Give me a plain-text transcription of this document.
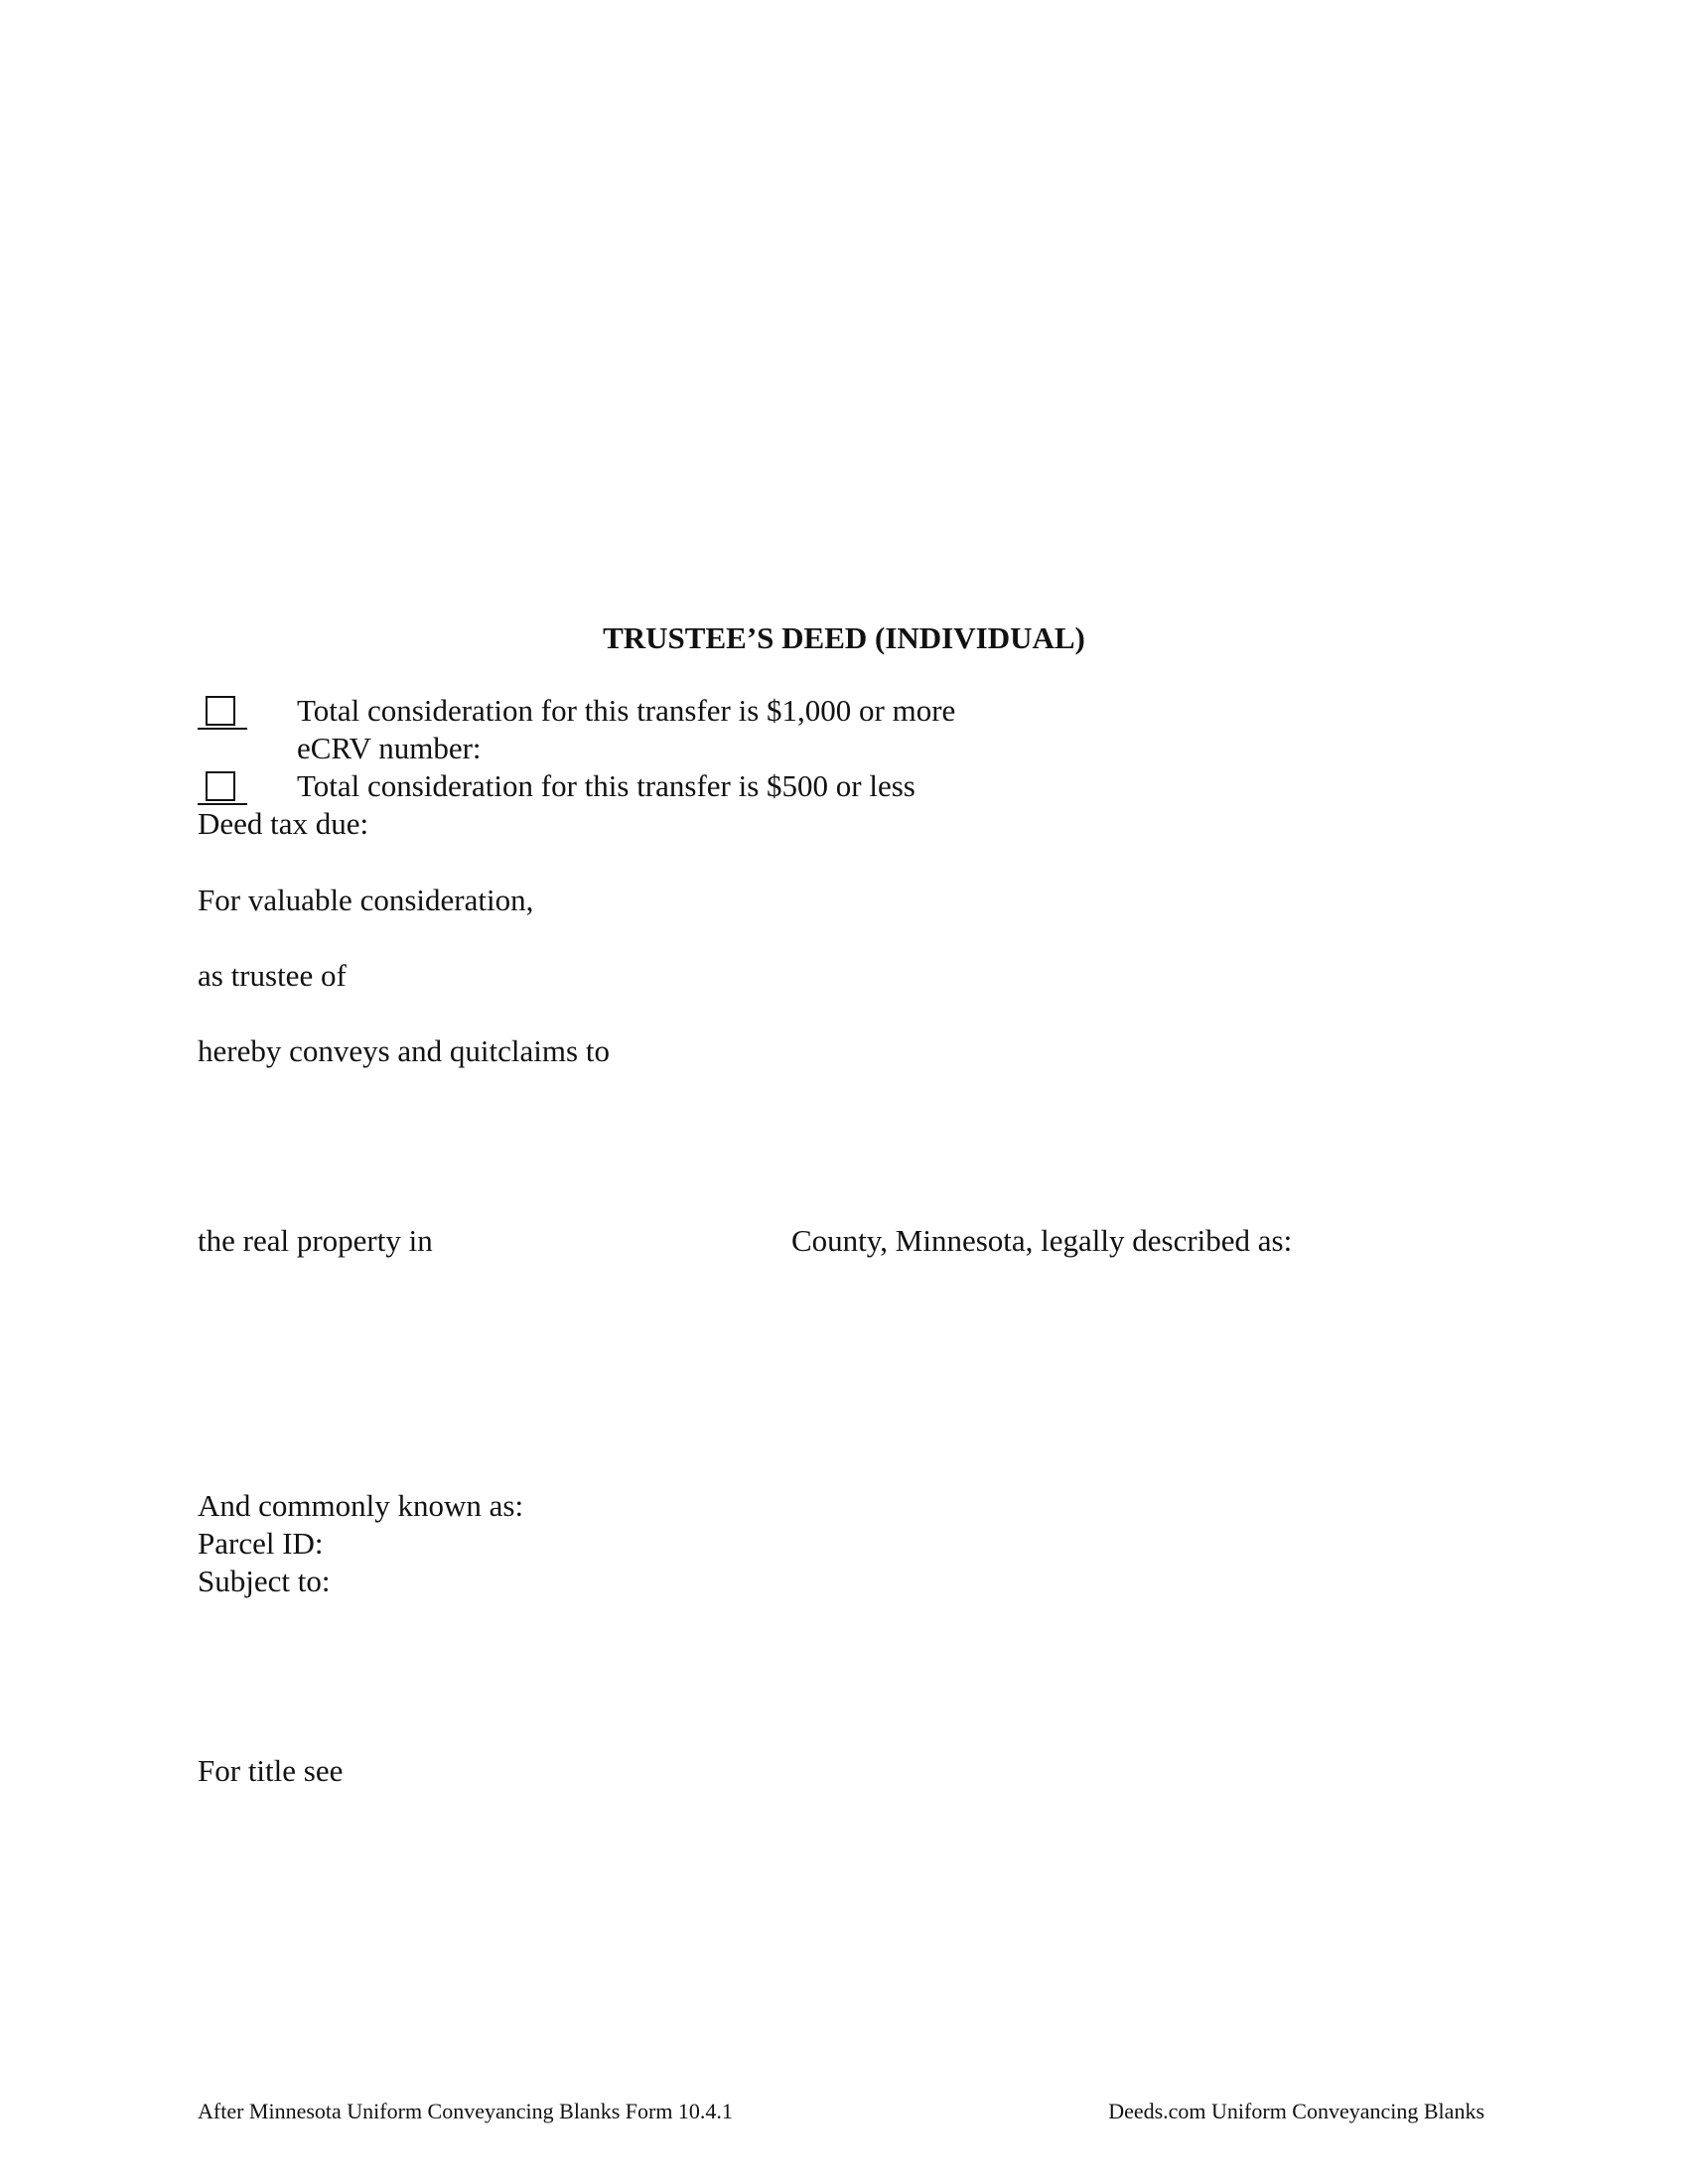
TRUSTEE’S DEED (INDIVIDUAL)
Total consideration for this transfer is $1,000 or more
eCRV number:
Total consideration for this transfer is $500 or less
Deed tax due:
For valuable consideration,
as trustee of
hereby conveys and quitclaims to
the real property in	County, Minnesota, legally described as:
And commonly known as:
Parcel ID:
Subject to:
For title see
After Minnesota Uniform Conveyancing Blanks Form 10.4.1	Deeds.com Uniform Conveyancing Blanks
